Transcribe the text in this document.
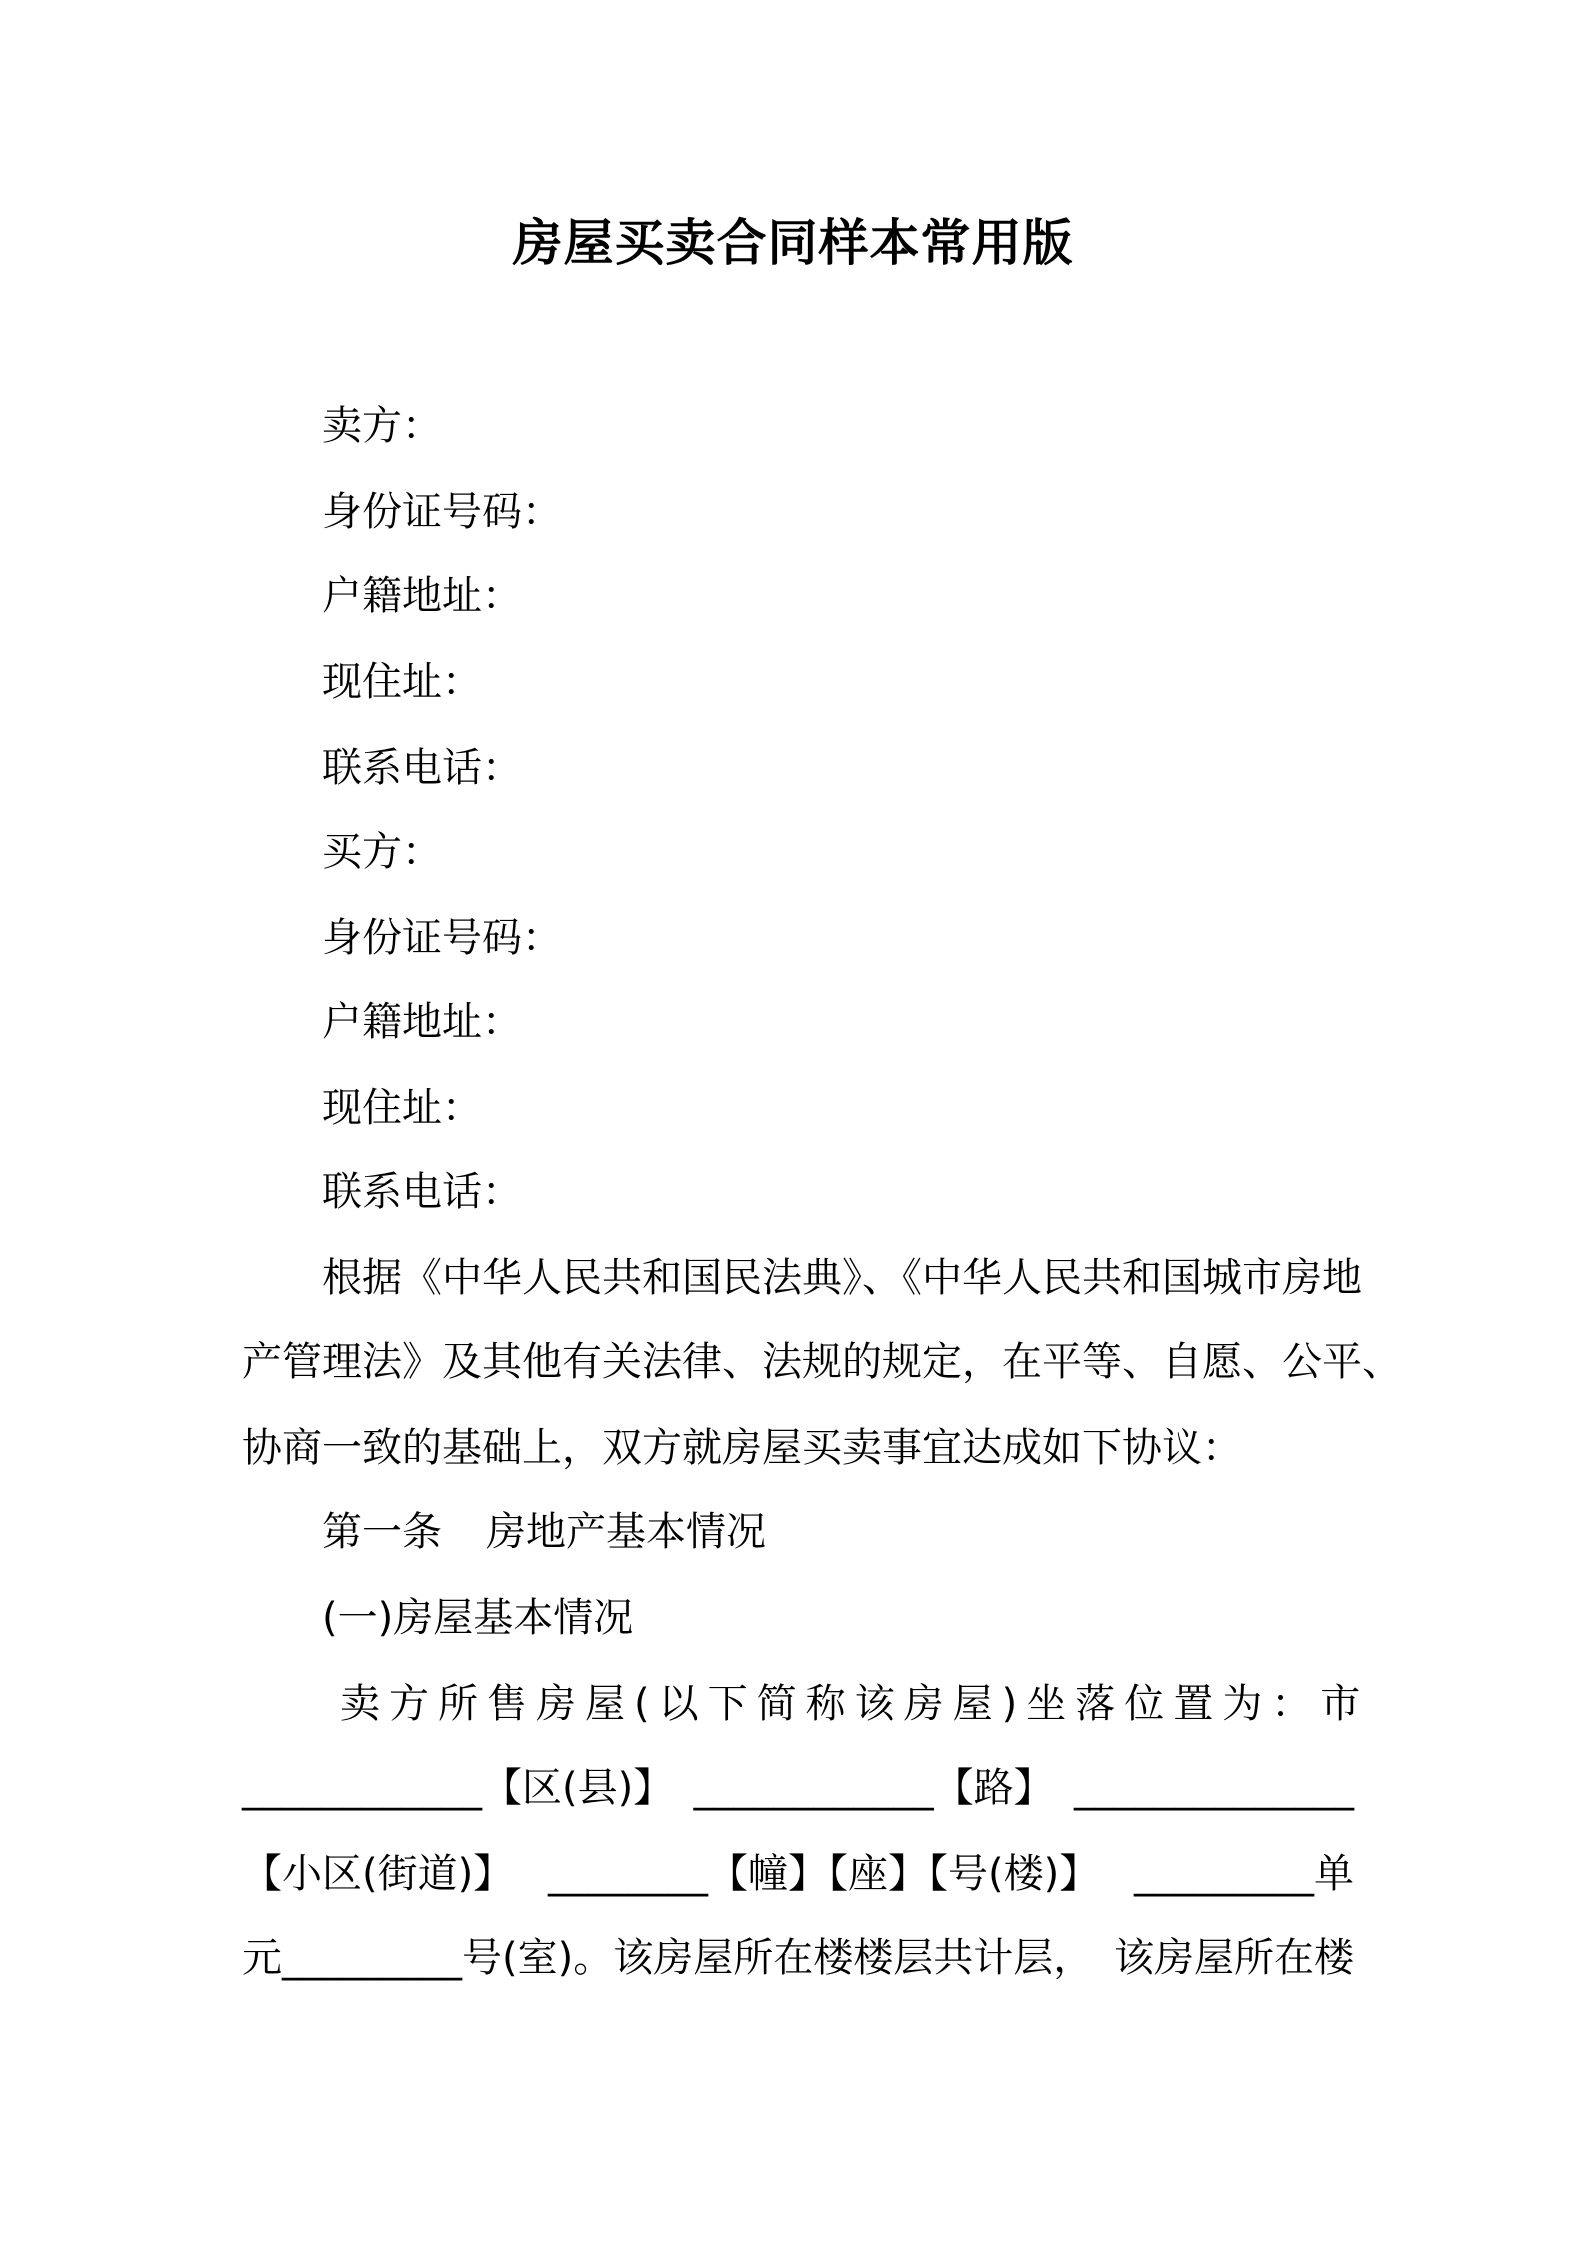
房屋买卖合同样本常用版
卖方：
身份证号码：
户籍地址：
现住址：
联系电话：
买方：
身份证号码：
户籍地址：
现住址：
联系电话：
根据《中华人民共和国民法典》、《中华人民共和国城市房地
产管理法》及其他有关法律、法规的规定，在平等、自愿、公平、
协商一致的基础上，双方就房屋买卖事宜达成如下协议：
第一条 房地产基本情况
(一)房屋基本情况
卖方所售房屋(以下简称该房屋)坐落位置为： 市
____________【区(县)】 ____________【路】 ______________
【小区(街道)】 ________【幢】【座】【号(楼)】 _________单
元_________号(室)。该房屋所在楼楼层共计层， 该房屋所在楼
